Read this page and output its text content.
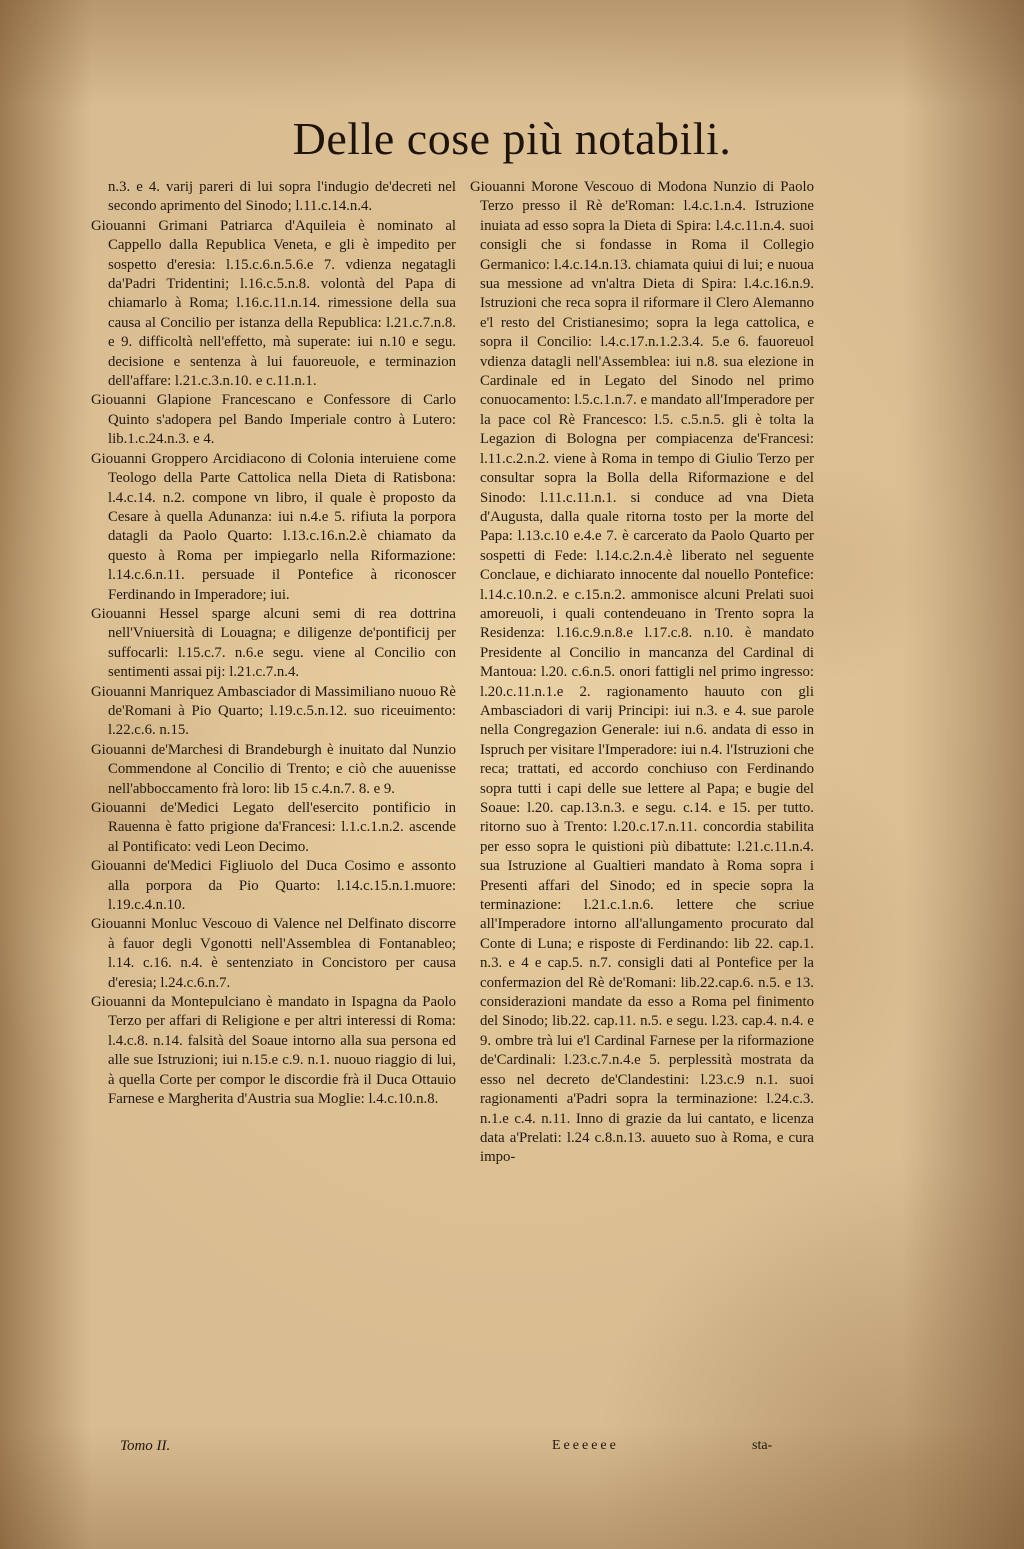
Delle cose più notabili.

n.3. e 4. varij pareri di lui sopra l'indugio de'decreti nel secondo aprimento del Sinodo; l.11.c.14.n.4.

Giouanni Grimani Patriarca d'Aquileia è nominato al Cappello dalla Republica Veneta, e gli è impedito per sospetto d'eresia: l.15.c.6.n.5.6.e 7. vdienza negatagli da'Padri Tridentini; l.16.c.5.n.8. volontà del Papa di chiamarlo à Roma; l.16.c.11.n.14. rimessione della sua causa al Concilio per istanza della Republica: l.21.c.7.n.8. e 9. difficoltà nell'effetto, mà superate: iui n.10 e segu. decisione e sentenza à lui fauoreuole, e terminazion dell'affare: l.21.c.3.n.10. e c.11.n.1.

Giouanni Glapione Francescano e Confessore di Carlo Quinto s'adopera pel Bando Imperiale contro à Lutero: lib.1.c.24.n.3. e 4.

Giouanni Groppero Arcidiacono di Colonia interuiene come Teologo della Parte Cattolica nella Dieta di Ratisbona: l.4.c.14. n.2. compone vn libro, il quale è proposto da Cesare à quella Adunanza: iui n.4.e 5. rifiuta la porpora datagli da Paolo Quarto: l.13.c.16.n.2.è chiamato da questo à Roma per impiegarlo nella Riformazione: l.14.c.6.n.11. persuade il Pontefice à riconoscer Ferdinando in Imperadore; iui.

Giouanni Hessel sparge alcuni semi di rea dottrina nell'Vniuersità di Louagna; e diligenze de'pontificij per suffocarli: l.15.c.7. n.6.e segu. viene al Concilio con sentimenti assai pij: l.21.c.7.n.4.

Giouanni Manriquez Ambasciador di Massimiliano nuouo Rè de'Romani à Pio Quarto; l.19.c.5.n.12. suo riceuimento: l.22.c.6. n.15.

Giouanni de'Marchesi di Brandeburgh è inuitato dal Nunzio Commendone al Concilio di Trento; e ciò che auuenisse nell'abboccamento frà loro: lib 15 c.4.n.7. 8. e 9.

Giouanni de'Medici Legato dell'esercito pontificio in Rauenna è fatto prigione da'Francesi: l.1.c.1.n.2. ascende al Pontificato: vedi Leon Decimo.

Giouanni de'Medici Figliuolo del Duca Cosimo e assonto alla porpora da Pio Quarto: l.14.c.15.n.1.muore: l.19.c.4.n.10.

Giouanni Monluc Vescouo di Valence nel Delfinato discorre à fauor degli Vgonotti nell'Assemblea di Fontanableo; l.14. c.16. n.4. è sentenziato in Concistoro per causa d'eresia; l.24.c.6.n.7.

Giouanni da Montepulciano è mandato in Ispagna da Paolo Terzo per affari di Religione e per altri interessi di Roma: l.4.c.8. n.14. falsità del Soaue intorno alla sua persona ed alle sue Istruzioni; iui n.15.e c.9. n.1. nuouo riaggio di lui, à quella Corte per compor le discordie frà il Duca Ottauio Farnese e Margherita d'Austria sua Moglie: l.4.c.10.n.8.

Giouanni Morone Vescouo di Modona Nunzio di Paolo Terzo presso il Rè de'Roman: l.4.c.1.n.4. Istruzione inuiata ad esso sopra la Dieta di Spira: l.4.c.11.n.4. suoi consigli che si fondasse in Roma il Collegio Germanico: l.4.c.14.n.13. chiamata quiui di lui; e nuoua sua messione ad vn'altra Dieta di Spira: l.4.c.16.n.9. Istruzioni che reca sopra il riformare il Clero Alemanno e'l resto del Cristianesimo; sopra la lega cattolica, e sopra il Concilio: l.4.c.17.n.1.2.3.4. 5.e 6. fauoreuol vdienza datagli nell'Assemblea: iui n.8. sua elezione in Cardinale ed in Legato del Sinodo nel primo conuocamento: l.5.c.1.n.7. e mandato all'Imperadore per la pace col Rè Francesco: l.5. c.5.n.5. gli è tolta la Legazion di Bologna per compiacenza de'Francesi: l.11.c.2.n.2. viene à Roma in tempo di Giulio Terzo per consultar sopra la Bolla della Riformazione e del Sinodo: l.11.c.11.n.1. si conduce ad vna Dieta d'Augusta, dalla quale ritorna tosto per la morte del Papa: l.13.c.10 e.4.e 7. è carcerato da Paolo Quarto per sospetti di Fede: l.14.c.2.n.4.è liberato nel seguente Conclaue, e dichiarato innocente dal nouello Pontefice: l.14.c.10.n.2. e c.15.n.2. ammonisce alcuni Prelati suoi amoreuoli, i quali contendeuano in Trento sopra la Residenza: l.16.c.9.n.8.e l.17.c.8. n.10. è mandato Presidente al Concilio in mancanza del Cardinal di Mantoua: l.20. c.6.n.5. onori fattigli nel primo ingresso: l.20.c.11.n.1.e 2. ragionamento hauuto con gli Ambasciadori di varij Principi: iui n.3. e 4. sue parole nella Congregazion Generale: iui n.6. andata di esso in Ispruch per visitare l'Imperadore: iui n.4. l'Istruzioni che reca; trattati, ed accordo conchiuso con Ferdinando sopra tutti i capi delle sue lettere al Papa; e bugie del Soaue: l.20. cap.13.n.3. e segu. c.14. e 15. per tutto. ritorno suo à Trento: l.20.c.17.n.11. concordia stabilita per esso sopra le quistioni più dibattute: l.21.c.11.n.4. sua Istruzione al Gualtieri mandato à Roma sopra i Presenti affari del Sinodo; ed in specie sopra la terminazione: l.21.c.1.n.6. lettere che scriue all'Imperadore intorno all'allungamento procurato dal Conte di Luna; e risposte di Ferdinando: lib 22. cap.1. n.3. e 4 e cap.5. n.7. consigli dati al Pontefice per la confermazion del Rè de'Romani: lib.22.cap.6. n.5. e 13. considerazioni mandate da esso a Roma pel finimento del Sinodo; lib.22. cap.11. n.5. e segu. l.23. cap.4. n.4. e 9. ombre trà lui e'l Cardinal Farnese per la riformazione de'Cardinali: l.23.c.7.n.4.e 5. perplessità mostrata da esso nel decreto de'Clandestini: l.23.c.9 n.1. suoi ragionamenti a'Padri sopra la terminazione: l.24.c.3. n.1.e c.4. n.11. Inno di grazie da lui cantato, e licenza data a'Prelati: l.24 c.8.n.13. auueto suo à Roma, e cura impo-

Tomo II.	Eeeeeee	sta-
